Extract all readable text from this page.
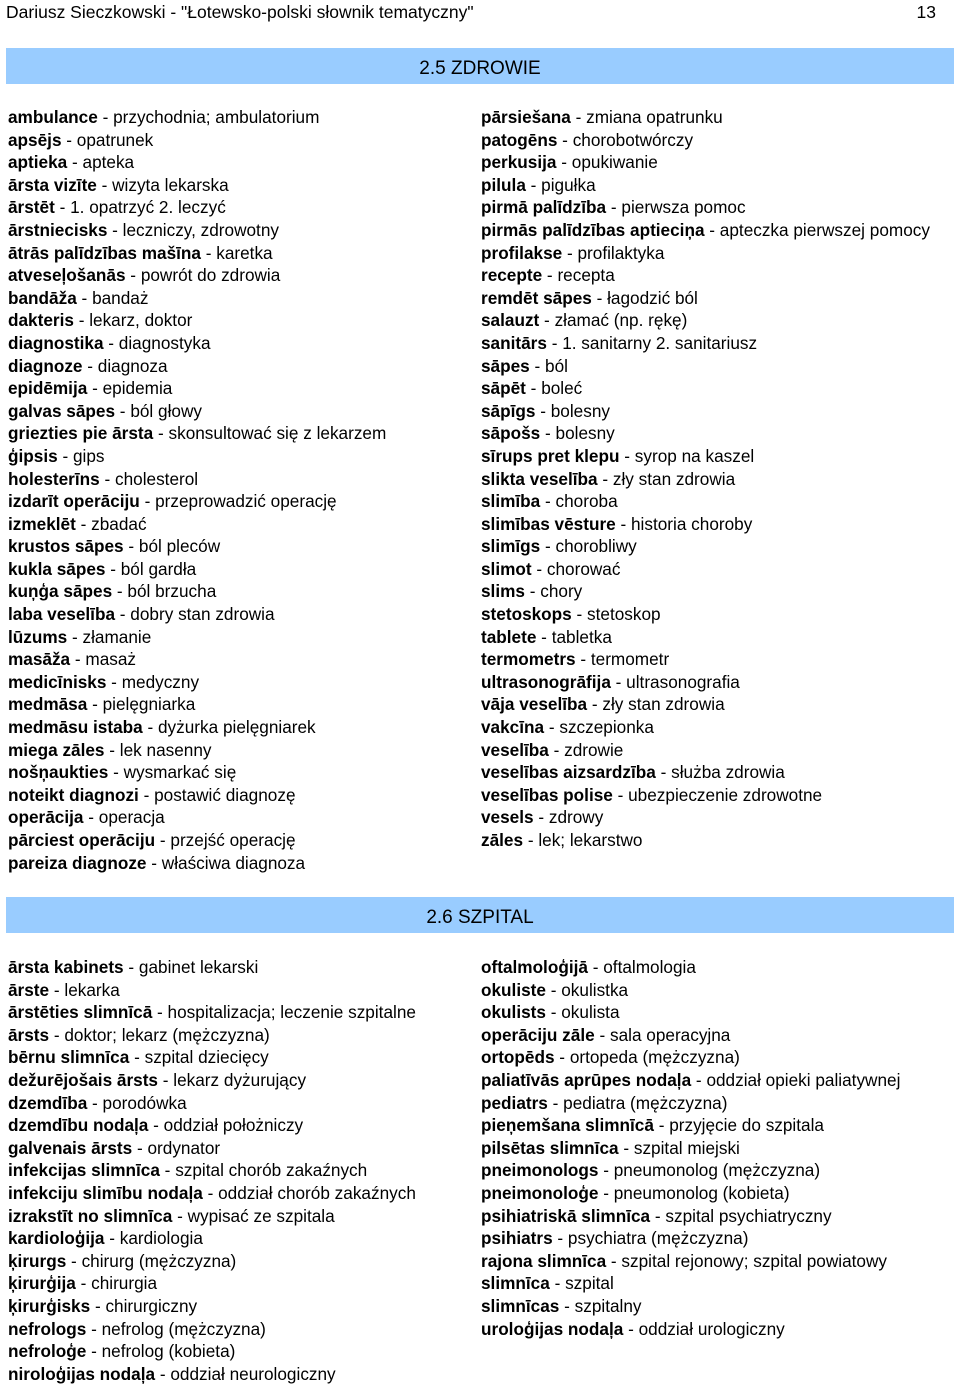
Dariusz Sieczkowski - "Łotewsko-polski słownik tematyczny"	13
2.5 ZDROWIE
ambulance - przychodnia; ambulatorium
apsējs - opatrunek
aptieka - apteka
ārsta vizīte - wizyta lekarska
ārstēt - 1. opatrzyć 2. leczyć
ārstniecisks - leczniczy, zdrowotny
ātrās palīdzības mašīna - karetka
atveseļošanās - powrót do zdrowia
bandāža - bandaż
dakteris - lekarz, doktor
diagnostika - diagnostyka
diagnoze - diagnoza
epidēmija - epidemia
galvas sāpes - ból głowy
griezties pie ārsta - skonsultować się z lekarzem
ģipsis - gips
holesterīns - cholesterol
izdarīt operāciju - przeprowadzić operację
izmeklēt - zbadać
krustos sāpes - ból pleców
kukla sāpes - ból gardła
kuņģa sāpes - ból brzucha
laba veselība - dobry stan zdrowia
lūzums - złamanie
masāža - masaż
medicīnisks - medyczny
medmāsa - pielęgniarka
medmāsu istaba - dyżurka pielęgniarek
miega zāles - lek nasenny
nošņaukties - wysmarkać się
noteikt diagnozi - postawić diagnozę
operācija - operacja
pārciest operāciju - przejść operację
pareiza diagnoze - właściwa diagnoza
pārsiešana - zmiana opatrunku
patogēns - chorobotwórczy
perkusija - opukiwanie
pilula - pigułka
pirmā palīdzība - pierwsza pomoc
pirmās palīdzības aptieciņa - apteczka pierwszej pomocy
profilakse - profilaktyka
recepte - recepta
remdēt sāpes - łagodzić ból
salauzt - złamać (np. rękę)
sanitārs - 1. sanitarny 2. sanitariusz
sāpes - ból
sāpēt - boleć
sāpīgs - bolesny
sāpošs - bolesny
sīrups pret klepu - syrop na kaszel
slikta veselība - zły stan zdrowia
slimība - choroba
slimības vēsture - historia choroby
slimīgs - chorobliwy
slimot - chorować
slims - chory
stetoskops - stetoskop
tablete - tabletka
termometrs - termometr
ultrasonogrāfija - ultrasonografia
vāja veselība - zły stan zdrowia
vakcīna - szczepionka
veselība - zdrowie
veselības aizsardzība - służba zdrowia
veselības polise - ubezpieczenie zdrowotne
vesels - zdrowy
zāles - lek; lekarstwo
2.6 SZPITAL
ārsta kabinets - gabinet lekarski
ārste - lekarka
ārstēties slimnīcā - hospitalizacja; leczenie szpitalne
ārsts - doktor; lekarz (mężczyzna)
bērnu slimnīca - szpital dziecięcy
dežurējošais ārsts - lekarz dyżurujący
dzemdība - porodówka
dzemdību nodaļa - oddział położniczy
galvenais ārsts - ordynator
infekcijas slimnīca - szpital chorób zakaźnych
infekciju slimību nodaļa - oddział chorób zakaźnych
izrakstīt no slimnīca - wypisać ze szpitala
kardioloģija - kardiologia
ķirurgs - chirurg (mężczyzna)
ķirurģija - chirurgia
ķirurģisks - chirurgiczny
nefrologs - nefrolog (mężczyzna)
nefroloģe - nefrolog (kobieta)
niroloģijas nodaļa - oddział neurologiczny
oftalmoloģijā - oftalmologia
okuliste - okulistka
okulists - okulista
operāciju zāle - sala operacyjna
ortopēds - ortopeda (mężczyzna)
paliatīvās aprūpes nodaļa - oddział opieki paliatywnej
pediatrs - pediatra (mężczyzna)
pieņemšana slimnīcā - przyjęcie do szpitala
pilsētas slimnīca - szpital miejski
pneimonologs - pneumonolog (mężczyzna)
pneimonoloģe - pneumonolog (kobieta)
psihiatriskā slimnīca - szpital psychiatryczny
psihiatrs - psychiatra (mężczyzna)
rajona slimnīca - szpital rejonowy; szpital powiatowy
slimnīca - szpital
slimnīcas - szpitalny
uroloģijas nodaļa - oddział urologiczny
